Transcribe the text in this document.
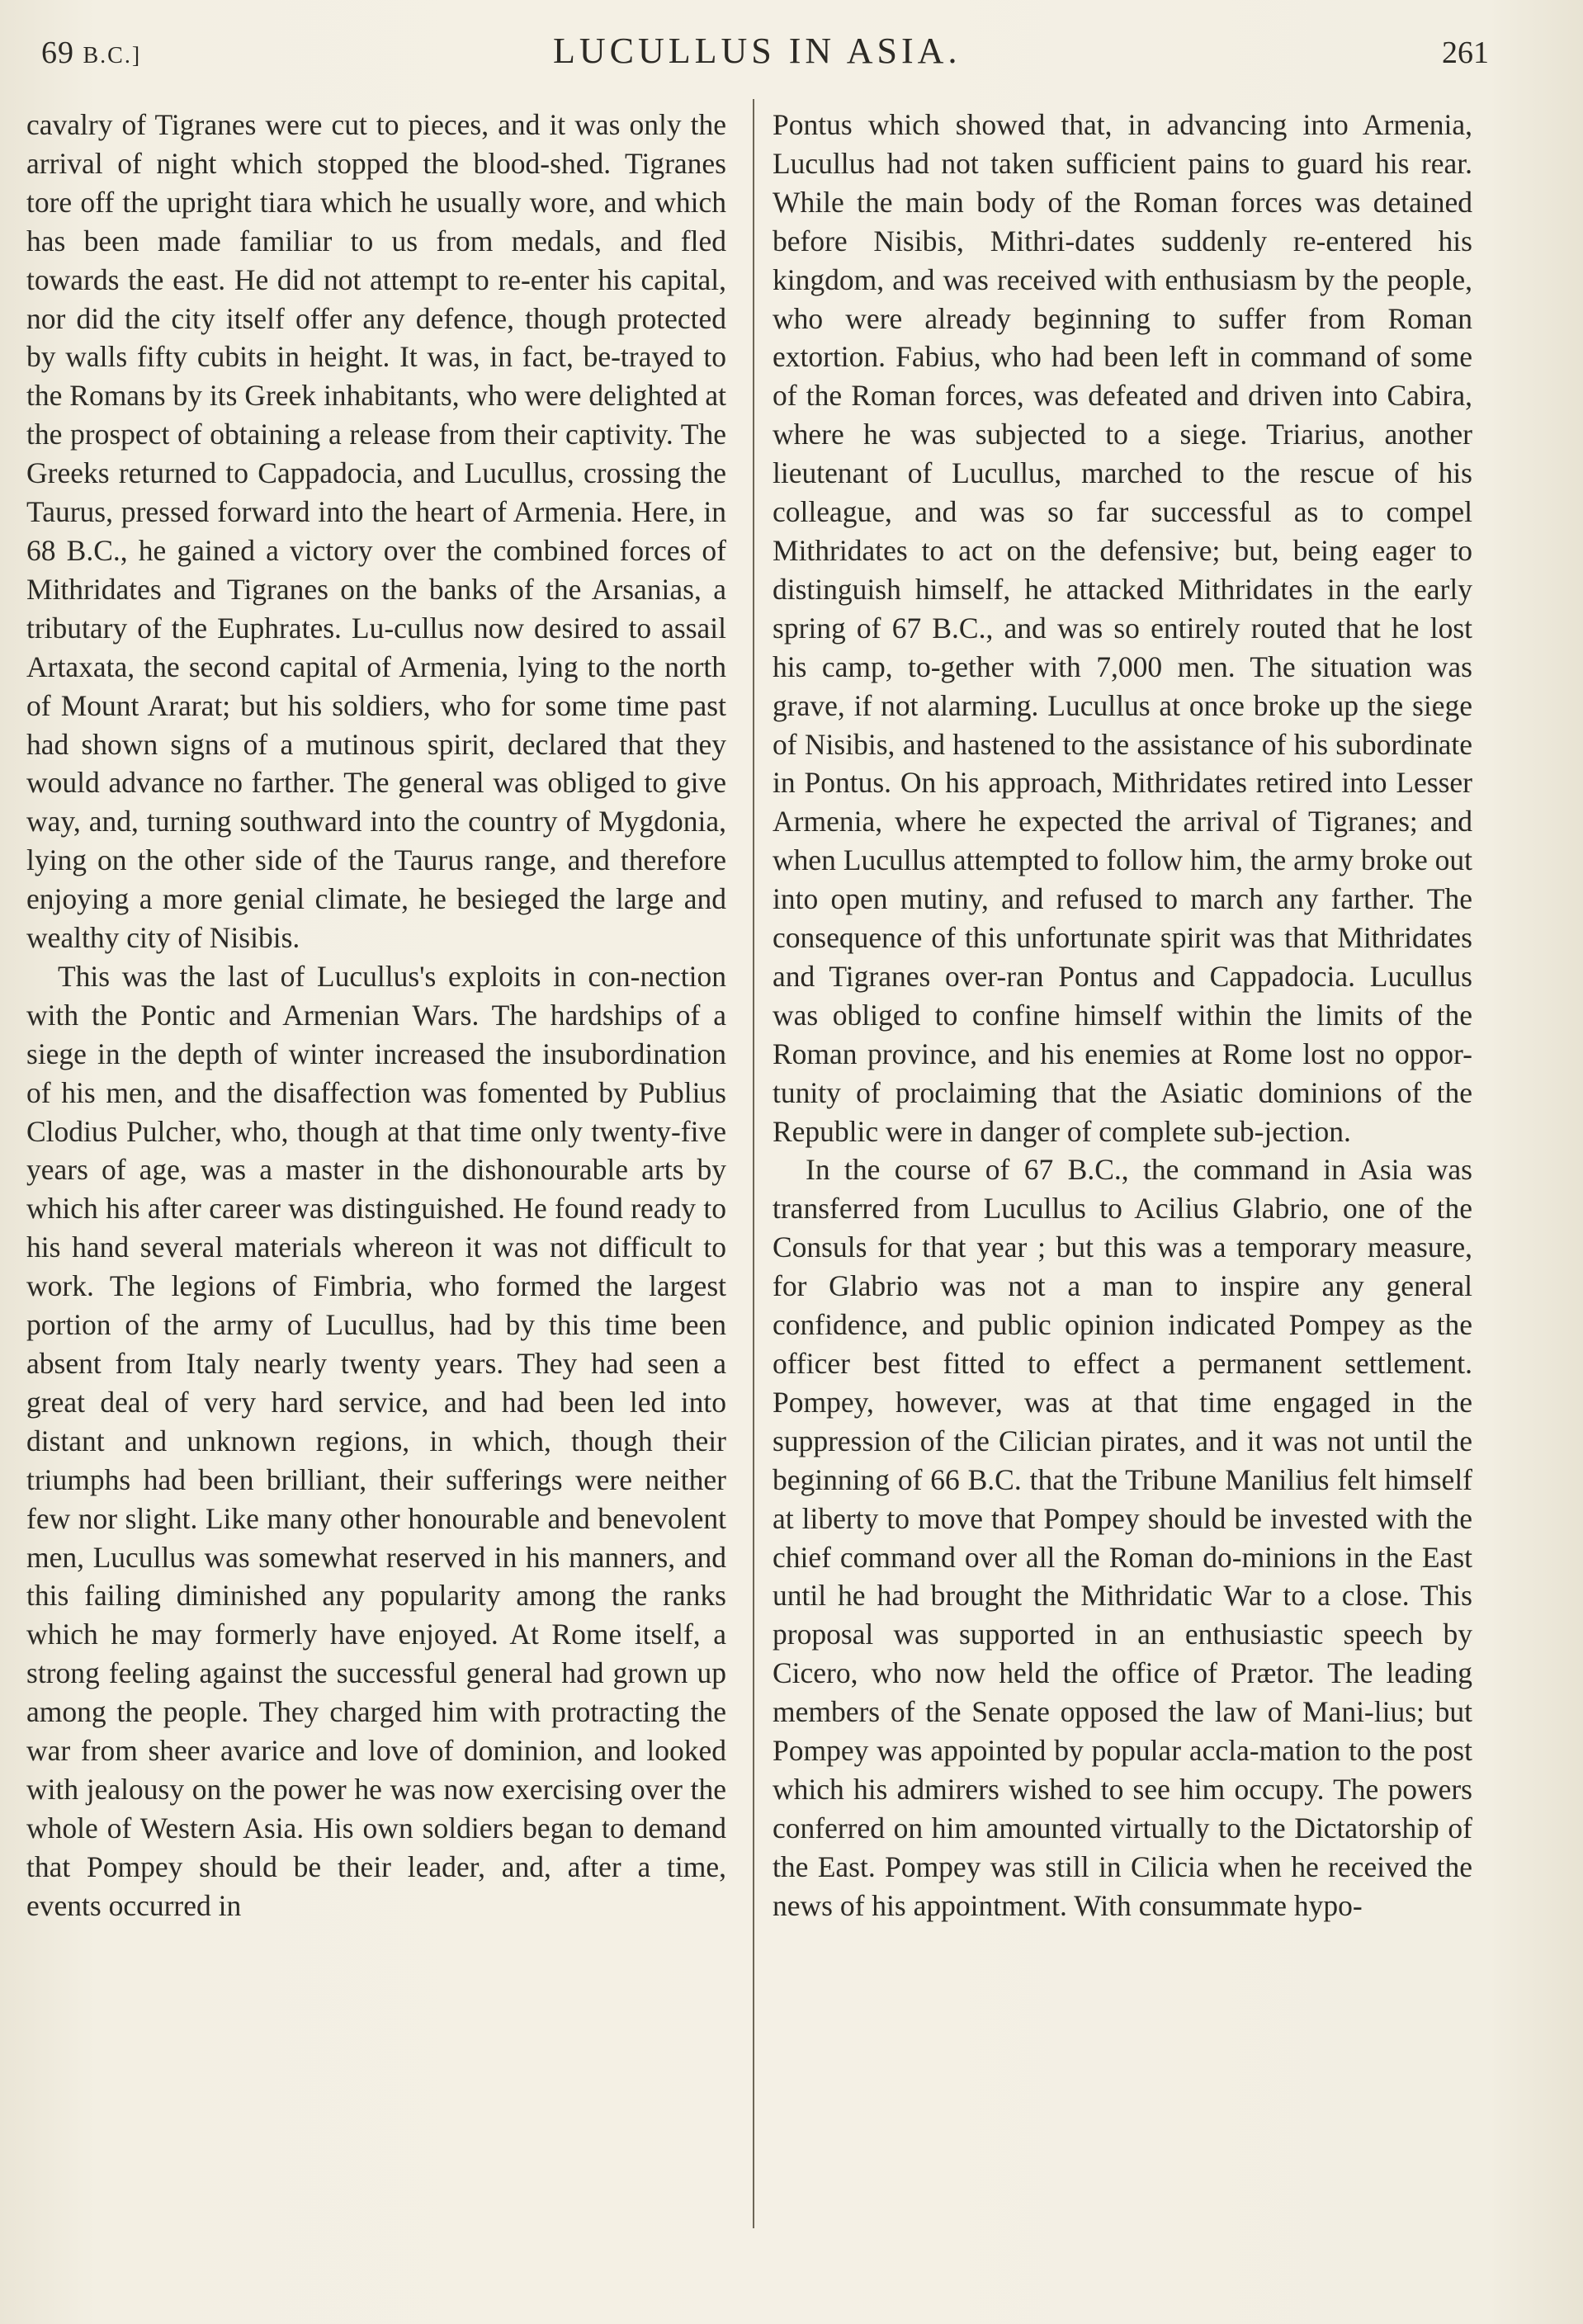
69 B.C.]	LUCULLUS IN ASIA.	261

cavalry of Tigranes were cut to pieces, and it was only the arrival of night which stopped the blood-shed. Tigranes tore off the upright tiara which he usually wore, and which has been made familiar to us from medals, and fled towards the east. He did not attempt to re-enter his capital, nor did the city itself offer any defence, though protected by walls fifty cubits in height. It was, in fact, be-trayed to the Romans by its Greek inhabitants, who were delighted at the prospect of obtaining a release from their captivity. The Greeks returned to Cappadocia, and Lucullus, crossing the Taurus, pressed forward into the heart of Armenia. Here, in 68 B.C., he gained a victory over the combined forces of Mithridates and Tigranes on the banks of the Arsanias, a tributary of the Euphrates. Lu-cullus now desired to assail Artaxata, the second capital of Armenia, lying to the north of Mount Ararat; but his soldiers, who for some time past had shown signs of a mutinous spirit, declared that they would advance no farther. The general was obliged to give way, and, turning southward into the country of Mygdonia, lying on the other side of the Taurus range, and therefore enjoying a more genial climate, he besieged the large and wealthy city of Nisibis.

This was the last of Lucullus's exploits in con-nection with the Pontic and Armenian Wars. The hardships of a siege in the depth of winter increased the insubordination of his men, and the disaffection was fomented by Publius Clodius Pulcher, who, though at that time only twenty-five years of age, was a master in the dishonourable arts by which his after career was distinguished. He found ready to his hand several materials whereon it was not difficult to work. The legions of Fimbria, who formed the largest portion of the army of Lucullus, had by this time been absent from Italy nearly twenty years. They had seen a great deal of very hard service, and had been led into distant and unknown regions, in which, though their triumphs had been brilliant, their sufferings were neither few nor slight. Like many other honourable and benevolent men, Lucullus was somewhat reserved in his manners, and this failing diminished any popularity among the ranks which he may formerly have enjoyed. At Rome itself, a strong feeling against the successful general had grown up among the people. They charged him with protracting the war from sheer avarice and love of dominion, and looked with jealousy on the power he was now exercising over the whole of Western Asia. His own soldiers began to demand that Pompey should be their leader, and, after a time, events occurred in

Pontus which showed that, in advancing into Armenia, Lucullus had not taken sufficient pains to guard his rear. While the main body of the Roman forces was detained before Nisibis, Mithri-dates suddenly re-entered his kingdom, and was received with enthusiasm by the people, who were already beginning to suffer from Roman extortion. Fabius, who had been left in command of some of the Roman forces, was defeated and driven into Cabira, where he was subjected to a siege. Triarius, another lieutenant of Lucullus, marched to the rescue of his colleague, and was so far successful as to compel Mithridates to act on the defensive; but, being eager to distinguish himself, he attacked Mithridates in the early spring of 67 B.C., and was so entirely routed that he lost his camp, to-gether with 7,000 men. The situation was grave, if not alarming. Lucullus at once broke up the siege of Nisibis, and hastened to the assistance of his subordinate in Pontus. On his approach, Mithridates retired into Lesser Armenia, where he expected the arrival of Tigranes; and when Lucullus attempted to follow him, the army broke out into open mutiny, and refused to march any farther. The consequence of this unfortunate spirit was that Mithridates and Tigranes over-ran Pontus and Cappadocia. Lucullus was obliged to confine himself within the limits of the Roman province, and his enemies at Rome lost no oppor-tunity of proclaiming that the Asiatic dominions of the Republic were in danger of complete sub-jection.

In the course of 67 B.C., the command in Asia was transferred from Lucullus to Acilius Glabrio, one of the Consuls for that year ; but this was a temporary measure, for Glabrio was not a man to inspire any general confidence, and public opinion indicated Pompey as the officer best fitted to effect a permanent settlement. Pompey, however, was at that time engaged in the suppression of the Cilician pirates, and it was not until the beginning of 66 B.C. that the Tribune Manilius felt himself at liberty to move that Pompey should be invested with the chief command over all the Roman do-minions in the East until he had brought the Mithridatic War to a close. This proposal was supported in an enthusiastic speech by Cicero, who now held the office of Prætor. The leading members of the Senate opposed the law of Mani-lius; but Pompey was appointed by popular accla-mation to the post which his admirers wished to see him occupy. The powers conferred on him amounted virtually to the Dictatorship of the East. Pompey was still in Cilicia when he received the news of his appointment. With consummate hypo-
